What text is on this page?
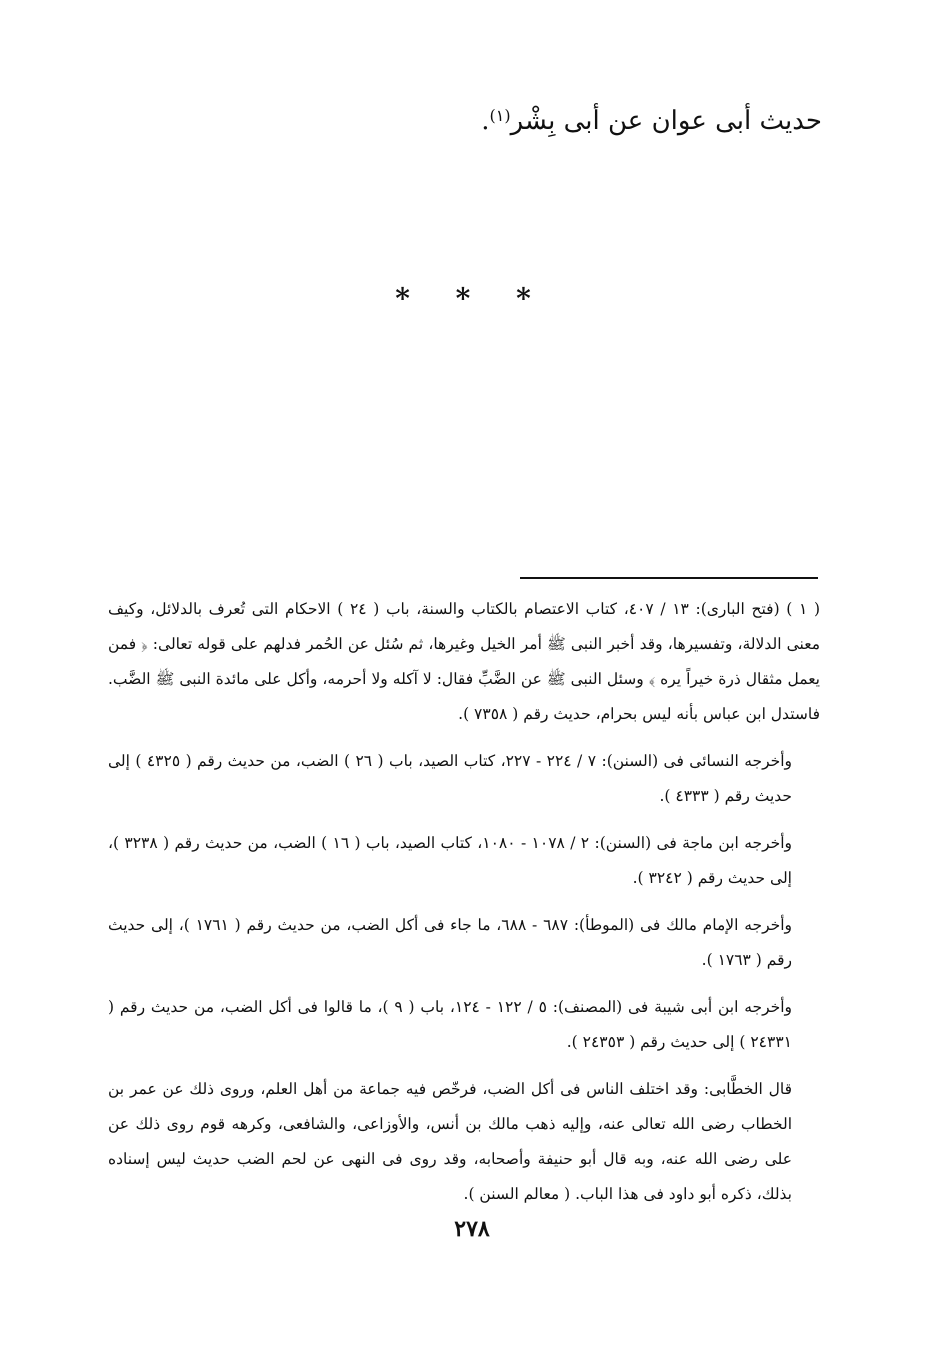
حديث أبى عوان عن أبى بِشْر$^{(١)}$.
* * *

( ١ ) (فتح البارى): ١٣ / ٤٠٧، كتاب الاعتصام بالكتاب والسنة، باب ( ٢٤ ) الاحكام التى تُعرف بالدلائل، وكيف معنى الدلالة، وتفسيرها، وقد أخبر النبى ﷺ أمر الخيل وغيرها، ثم سُئل عن الحُمر فدلهم على قوله تعالى: ﴿ فمن يعمل مثقال ذرة خيراً يره ﴾ وسئل النبى ﷺ عن الضَّبِّ فقال: لا آكله ولا أحرمه، وأكل على مائدة النبى ﷺ الضَّب. فاستدل ابن عباس بأنه ليس بحرام، حديث رقم ( ٧٣٥٨ ).

وأخرجه النسائى فى (السنن): ٧ / ٢٢٤ - ٢٢٧، كتاب الصيد، باب ( ٢٦ ) الضب، من حديث رقم ( ٤٣٢٥ ) إلى حديث رقم ( ٤٣٣٣ ).

وأخرجه ابن ماجة فى (السنن): ٢ / ١٠٧٨ - ١٠٨٠، كتاب الصيد، باب ( ١٦ ) الضب، من حديث رقم ( ٣٢٣٨ )، إلى حديث رقم ( ٣٢٤٢ ).

وأخرجه الإمام مالك فى (الموطأ): ٦٨٧ - ٦٨٨، ما جاء فى أكل الضب، من حديث رقم ( ١٧٦١ )، إلى حديث رقم ( ١٧٦٣ ).

وأخرجه ابن أبى شيبة فى (المصنف): ٥ / ١٢٢ - ١٢٤، باب ( ٩ )، ما قالوا فى أكل الضب، من حديث رقم ( ٢٤٣٣١ ) إلى حديث رقم ( ٢٤٣٥٣ ).

قال الخطَّابى: وقد اختلف الناس فى أكل الضب، فرخّص فيه جماعة من أهل العلم، وروى ذلك عن عمر بن الخطاب رضى الله تعالى عنه، وإليه ذهب مالك بن أنس، والأوزاعى، والشافعى، وكرهه قوم روى ذلك عن على رضى الله عنه، وبه قال أبو حنيفة وأصحابه، وقد روى فى النهى عن لحم الضب حديث ليس إسناده بذلك، ذكره أبو داود فى هذا الباب. ( معالم السنن ).

٢٧٨
